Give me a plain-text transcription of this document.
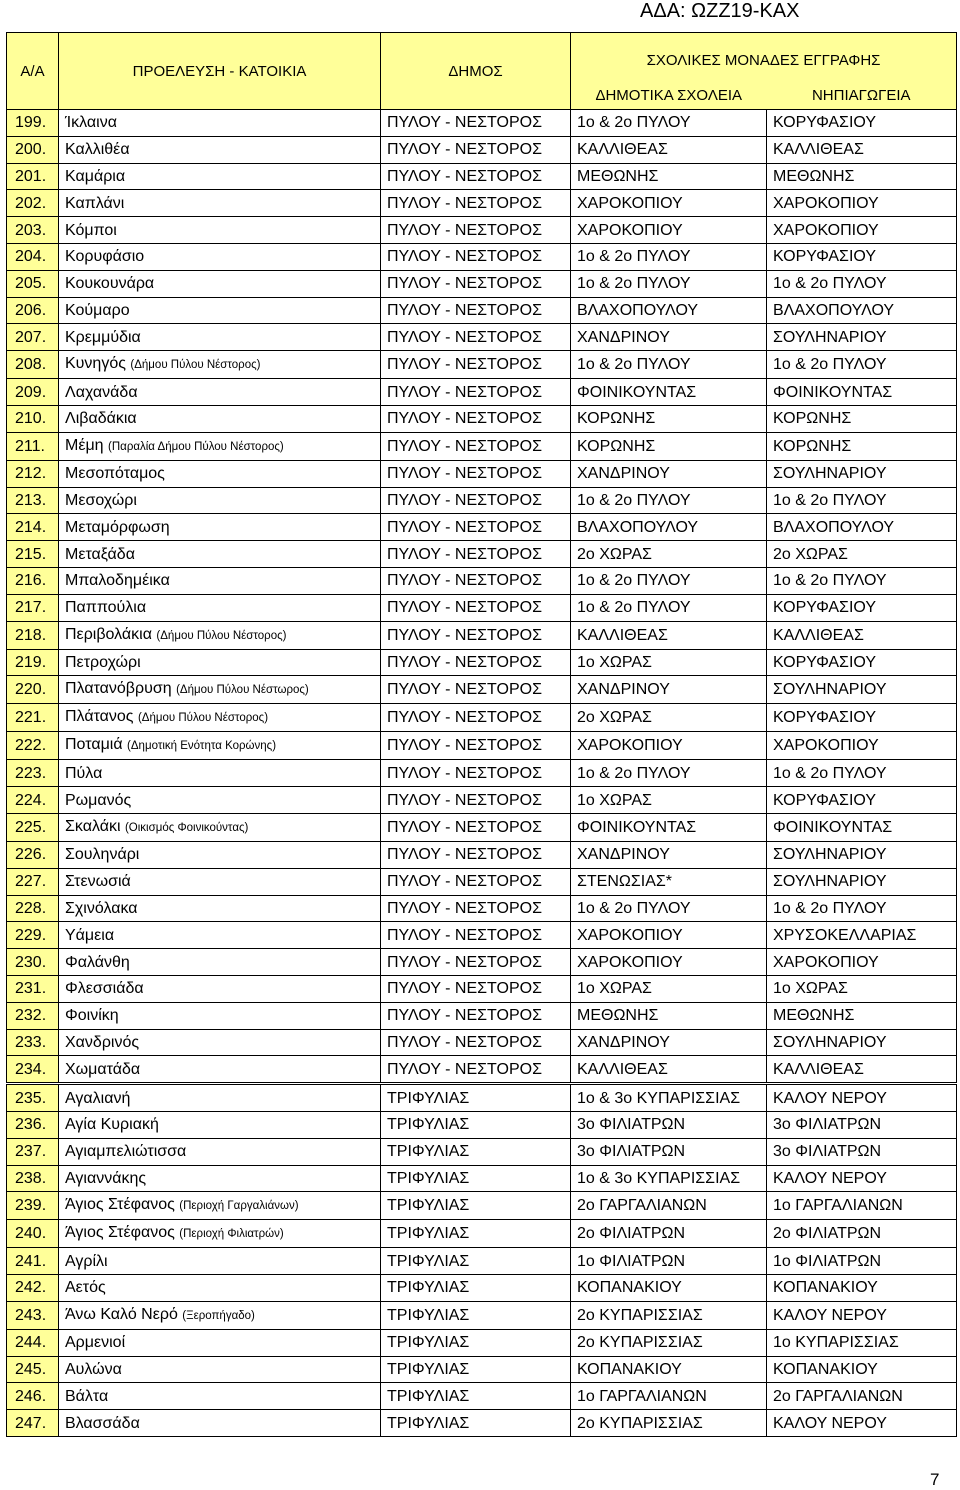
ΑΔΑ: ΩΖΖ19-ΚΑΧ
Α/Α	ΠΡΟΕΛΕΥΣΗ - ΚΑΤΟΙΚΙΑ	ΔΗΜΟΣ	ΣΧΟΛΙΚΕΣ ΜΟΝΑΔΕΣ ΕΓΓΡΑΦΗΣ	
			ΔΗΜΟΤΙΚΑ ΣΧΟΛΕΙΑ	ΝΗΠΙΑΓΩΓΕΙΑ
199.	Ίκλαινα	ΠΥΛΟΥ - ΝΕΣΤΟΡΟΣ	1ο & 2ο ΠΥΛΟΥ	ΚΟΡΥΦΑΣΙΟΥ
200.	Καλλιθέα	ΠΥΛΟΥ - ΝΕΣΤΟΡΟΣ	ΚΑΛΛΙΘΕΑΣ	ΚΑΛΛΙΘΕΑΣ
201.	Καμάρια	ΠΥΛΟΥ - ΝΕΣΤΟΡΟΣ	ΜΕΘΩΝΗΣ	ΜΕΘΩΝΗΣ
202.	Καπλάνι	ΠΥΛΟΥ - ΝΕΣΤΟΡΟΣ	ΧΑΡΟΚΟΠΙΟΥ	ΧΑΡΟΚΟΠΙΟΥ
203.	Κόμποι	ΠΥΛΟΥ - ΝΕΣΤΟΡΟΣ	ΧΑΡΟΚΟΠΙΟΥ	ΧΑΡΟΚΟΠΙΟΥ
204.	Κορυφάσιο	ΠΥΛΟΥ - ΝΕΣΤΟΡΟΣ	1ο & 2ο ΠΥΛΟΥ	ΚΟΡΥΦΑΣΙΟΥ
205.	Κουκουνάρα	ΠΥΛΟΥ - ΝΕΣΤΟΡΟΣ	1ο & 2ο ΠΥΛΟΥ	1ο & 2ο ΠΥΛΟΥ
206.	Κούμαρο	ΠΥΛΟΥ - ΝΕΣΤΟΡΟΣ	ΒΛΑΧΟΠΟΥΛΟΥ	ΒΛΑΧΟΠΟΥΛΟΥ
207.	Κρεμμύδια	ΠΥΛΟΥ - ΝΕΣΤΟΡΟΣ	ΧΑΝΔΡΙΝΟΥ	ΣΟΥΛΗΝΑΡΙΟΥ
208.	Κυνηγός (Δήμου Πύλου Νέστορος)	ΠΥΛΟΥ - ΝΕΣΤΟΡΟΣ	1ο & 2ο ΠΥΛΟΥ	1ο & 2ο ΠΥΛΟΥ
209.	Λαχανάδα	ΠΥΛΟΥ - ΝΕΣΤΟΡΟΣ	ΦΟΙΝΙΚΟΥΝΤΑΣ	ΦΟΙΝΙΚΟΥΝΤΑΣ
210.	Λιβαδάκια	ΠΥΛΟΥ - ΝΕΣΤΟΡΟΣ	ΚΟΡΩΝΗΣ	ΚΟΡΩΝΗΣ
211.	Μέμη (Παραλία Δήμου Πύλου Νέστορος)	ΠΥΛΟΥ - ΝΕΣΤΟΡΟΣ	ΚΟΡΩΝΗΣ	ΚΟΡΩΝΗΣ
212.	Μεσοπόταμος	ΠΥΛΟΥ - ΝΕΣΤΟΡΟΣ	ΧΑΝΔΡΙΝΟΥ	ΣΟΥΛΗΝΑΡΙΟΥ
213.	Μεσοχώρι	ΠΥΛΟΥ - ΝΕΣΤΟΡΟΣ	1ο & 2ο ΠΥΛΟΥ	1ο & 2ο ΠΥΛΟΥ
214.	Μεταμόρφωση	ΠΥΛΟΥ - ΝΕΣΤΟΡΟΣ	ΒΛΑΧΟΠΟΥΛΟΥ	ΒΛΑΧΟΠΟΥΛΟΥ
215.	Μεταξάδα	ΠΥΛΟΥ - ΝΕΣΤΟΡΟΣ	2ο ΧΩΡΑΣ	2ο ΧΩΡΑΣ
216.	Μπαλοδημέικα	ΠΥΛΟΥ - ΝΕΣΤΟΡΟΣ	1ο & 2ο ΠΥΛΟΥ	1ο & 2ο ΠΥΛΟΥ
217.	Παππούλια	ΠΥΛΟΥ - ΝΕΣΤΟΡΟΣ	1ο & 2ο ΠΥΛΟΥ	ΚΟΡΥΦΑΣΙΟΥ
218.	Περιβολάκια (Δήμου Πύλου Νέστορος)	ΠΥΛΟΥ - ΝΕΣΤΟΡΟΣ	ΚΑΛΛΙΘΕΑΣ	ΚΑΛΛΙΘΕΑΣ
219.	Πετροχώρι	ΠΥΛΟΥ - ΝΕΣΤΟΡΟΣ	1ο ΧΩΡΑΣ	ΚΟΡΥΦΑΣΙΟΥ
220.	Πλατανόβρυση (Δήμου Πύλου Νέστωρος)	ΠΥΛΟΥ - ΝΕΣΤΟΡΟΣ	ΧΑΝΔΡΙΝΟΥ	ΣΟΥΛΗΝΑΡΙΟΥ
221.	Πλάτανος (Δήμου Πύλου Νέστορος)	ΠΥΛΟΥ - ΝΕΣΤΟΡΟΣ	2ο ΧΩΡΑΣ	ΚΟΡΥΦΑΣΙΟΥ
222.	Ποταμιά (Δημοτική Ενότητα Κορώνης)	ΠΥΛΟΥ - ΝΕΣΤΟΡΟΣ	ΧΑΡΟΚΟΠΙΟΥ	ΧΑΡΟΚΟΠΙΟΥ
223.	Πύλα	ΠΥΛΟΥ - ΝΕΣΤΟΡΟΣ	1ο & 2ο ΠΥΛΟΥ	1ο & 2ο ΠΥΛΟΥ
224.	Ρωμανός	ΠΥΛΟΥ - ΝΕΣΤΟΡΟΣ	1ο ΧΩΡΑΣ	ΚΟΡΥΦΑΣΙΟΥ
225.	Σκαλάκι (Οικισμός Φοινικούντας)	ΠΥΛΟΥ - ΝΕΣΤΟΡΟΣ	ΦΟΙΝΙΚΟΥΝΤΑΣ	ΦΟΙΝΙΚΟΥΝΤΑΣ
226.	Σουληνάρι	ΠΥΛΟΥ - ΝΕΣΤΟΡΟΣ	ΧΑΝΔΡΙΝΟΥ	ΣΟΥΛΗΝΑΡΙΟΥ
227.	Στενωσιά	ΠΥΛΟΥ - ΝΕΣΤΟΡΟΣ	ΣΤΕΝΩΣΙΑΣ*	ΣΟΥΛΗΝΑΡΙΟΥ
228.	Σχινόλακα	ΠΥΛΟΥ - ΝΕΣΤΟΡΟΣ	1ο & 2ο ΠΥΛΟΥ	1ο & 2ο ΠΥΛΟΥ
229.	Υάμεια	ΠΥΛΟΥ - ΝΕΣΤΟΡΟΣ	ΧΑΡΟΚΟΠΙΟΥ	ΧΡΥΣΟΚΕΛΛΑΡΙΑΣ
230.	Φαλάνθη	ΠΥΛΟΥ - ΝΕΣΤΟΡΟΣ	ΧΑΡΟΚΟΠΙΟΥ	ΧΑΡΟΚΟΠΙΟΥ
231.	Φλεσσιάδα	ΠΥΛΟΥ - ΝΕΣΤΟΡΟΣ	1ο ΧΩΡΑΣ	1ο ΧΩΡΑΣ
232.	Φοινίκη	ΠΥΛΟΥ - ΝΕΣΤΟΡΟΣ	ΜΕΘΩΝΗΣ	ΜΕΘΩΝΗΣ
233.	Χανδρινός	ΠΥΛΟΥ - ΝΕΣΤΟΡΟΣ	ΧΑΝΔΡΙΝΟΥ	ΣΟΥΛΗΝΑΡΙΟΥ
234.	Χωματάδα	ΠΥΛΟΥ - ΝΕΣΤΟΡΟΣ	ΚΑΛΛΙΘΕΑΣ	ΚΑΛΛΙΘΕΑΣ
235.	Αγαλιανή	ΤΡΙΦΥΛΙΑΣ	1ο & 3ο ΚΥΠΑΡΙΣΣΙΑΣ	ΚΑΛΟΥ ΝΕΡΟΥ
236.	Αγία Κυριακή	ΤΡΙΦΥΛΙΑΣ	3ο ΦΙΛΙΑΤΡΩΝ	3ο ΦΙΛΙΑΤΡΩΝ
237.	Αγιαμπελιώτισσα	ΤΡΙΦΥΛΙΑΣ	3ο ΦΙΛΙΑΤΡΩΝ	3ο ΦΙΛΙΑΤΡΩΝ
238.	Αγιαννάκης	ΤΡΙΦΥΛΙΑΣ	1ο & 3ο ΚΥΠΑΡΙΣΣΙΑΣ	ΚΑΛΟΥ ΝΕΡΟΥ
239.	Άγιος Στέφανος (Περιοχή Γαργαλιάνων)	ΤΡΙΦΥΛΙΑΣ	2ο ΓΑΡΓΑΛΙΑΝΩΝ	1ο ΓΑΡΓΑΛΙΑΝΩΝ
240.	Άγιος Στέφανος (Περιοχή Φιλιατρών)	ΤΡΙΦΥΛΙΑΣ	2ο ΦΙΛΙΑΤΡΩΝ	2ο ΦΙΛΙΑΤΡΩΝ
241.	Αγρίλι	ΤΡΙΦΥΛΙΑΣ	1ο ΦΙΛΙΑΤΡΩΝ	1ο ΦΙΛΙΑΤΡΩΝ
242.	Αετός	ΤΡΙΦΥΛΙΑΣ	ΚΟΠΑΝΑΚΙΟΥ	ΚΟΠΑΝΑΚΙΟΥ
243.	Άνω Καλό Νερό (Ξεροπήγαδο)	ΤΡΙΦΥΛΙΑΣ	2ο ΚΥΠΑΡΙΣΣΙΑΣ	ΚΑΛΟΥ ΝΕΡΟΥ
244.	Αρμενιοί	ΤΡΙΦΥΛΙΑΣ	2ο ΚΥΠΑΡΙΣΣΙΑΣ	1ο ΚΥΠΑΡΙΣΣΙΑΣ
245.	Αυλώνα	ΤΡΙΦΥΛΙΑΣ	ΚΟΠΑΝΑΚΙΟΥ	ΚΟΠΑΝΑΚΙΟΥ
246.	Βάλτα	ΤΡΙΦΥΛΙΑΣ	1ο ΓΑΡΓΑΛΙΑΝΩΝ	2ο ΓΑΡΓΑΛΙΑΝΩΝ
247.	Βλασσάδα	ΤΡΙΦΥΛΙΑΣ	2ο ΚΥΠΑΡΙΣΣΙΑΣ	ΚΑΛΟΥ ΝΕΡΟΥ
7
